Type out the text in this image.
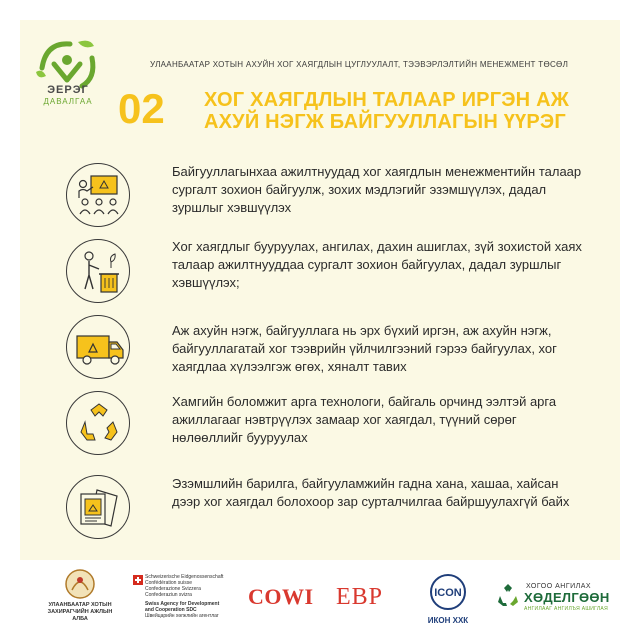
ЭЕРЭГ
ДАВАЛГАА
УЛААНБААТАР ХОТЫН АХУЙН ХОГ ХАЯГДЛЫН ЦУГЛУУЛАЛТ, ТЭЭВЭРЛЭЛТИЙН МЕНЕЖМЕНТ ТӨСӨЛ
02 ХОГ ХАЯГДЛЫН ТАЛААР ИРГЭН АЖ
АХУЙ НЭГЖ БАЙГУУЛЛАГЫН ҮҮРЭГ
Байгууллагынхаа ажилтнуудад хог хаягдлын менежментийн талаар сургалт зохион байгуулж, зохих мэдлэгийг эзэмшүүлэх, дадал зуршлыг хэвшүүлэх
Хог хаягдлыг бууруулах, ангилах, дахин ашиглах, зүй зохистой хаях талаар ажилтнууддаа сургалт зохион байгуулах, дадал зуршлыг хэвшүүлэх;
Аж ахуйн нэгж, байгууллага нь эрх бүхий иргэн, аж ахуйн нэгж, байгууллагатай хог тээврийн үйлчилгээний гэрээ байгуулах, хог хаягдлаа хүлээлгэж өгөх, хяналт тавих
Хамгийн боломжит арга технологи, байгаль орчинд ээлтэй арга ажиллагааг нэвтрүүлэх замаар хог хаягдал, түүний сөрөг нөлөөллийг бууруулах
Эзэмшлийн барилга, байгууламжийн гадна хана, хашаа, хайсан дээр хог хаягдал болохоор зар сурталчилгаа байршуулахгүй байх
УЛААНБААТАР ХОТЫН
ЗАХИРАГЧИЙН АЖЛЫН
АЛБА
Schweizerische Eidgenossenschaft
Confédération suisse
Confederazione Svizzera
Confederaziun svizra
Swiss Agency for Development
and Cooperation SDC
Швейцарийн хөгжлийн агентлаг
COWI EBP	ICON
ИКОН ХХК
ХОГОО АНГИЛАХ
ХӨДЕЛГӨӨН
АНГИЛААГ АНГИЛЪЯ АШИГЛАЯ
